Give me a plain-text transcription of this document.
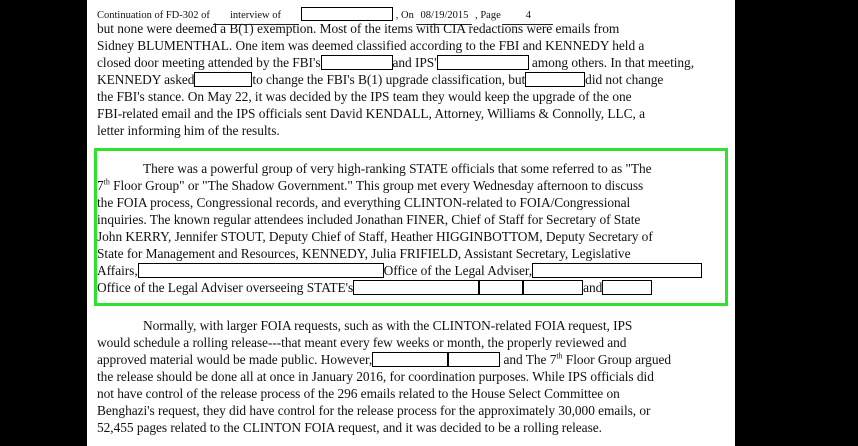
Continuation of FD-302 of interview of	, On 08/19/2015 , Page 4
but none were deemed a B(1) exemption. Most of the items with CIA redactions were emails from
Sidney BLUMENTHAL. One item was deemed classified according to the FBI and KENNEDY held a
closed door meeting attended by the FBI's	and IPS'	among others. In that meeting,
KENNEDY asked	to change the FBI's B(1) upgrade classification, but	did not change
the FBI's stance. On May 22, it was decided by the IPS team they would keep the upgrade of the one
FBI-related email and the IPS officials sent David KENDALL, Attorney, Williams & Connolly, LLC, a
letter informing him of the results.
There was a powerful group of very high-ranking STATE officials that some referred to as "The
7th Floor Group" or "The Shadow Government." This group met every Wednesday afternoon to discuss
the FOIA process, Congressional records, and everything CLINTON-related to FOIA/Congressional
inquiries. The known regular attendees included Jonathan FINER, Chief of Staff for Secretary of State
John KERRY, Jennifer STOUT, Deputy Chief of Staff, Heather HIGGINBOTTOM, Deputy Secretary of
State for Management and Resources, KENNEDY, Julia FRIFIELD, Assistant Secretary, Legislative
Affairs,	Office of the Legal Adviser,
Office of the Legal Adviser overseeing STATE's	and
Normally, with larger FOIA requests, such as with the CLINTON-related FOIA request, IPS
would schedule a rolling release---that meant every few weeks or month, the properly reviewed and
approved material would be made public. However,	and The 7th Floor Group argued
the release should be done all at once in January 2016, for coordination purposes. While IPS officials did
not have control of the release process of the 296 emails related to the House Select Committee on
Benghazi's request, they did have control for the release process for the approximately 30,000 emails, or
52,455 pages related to the CLINTON FOIA request, and it was decided to be a rolling release.
